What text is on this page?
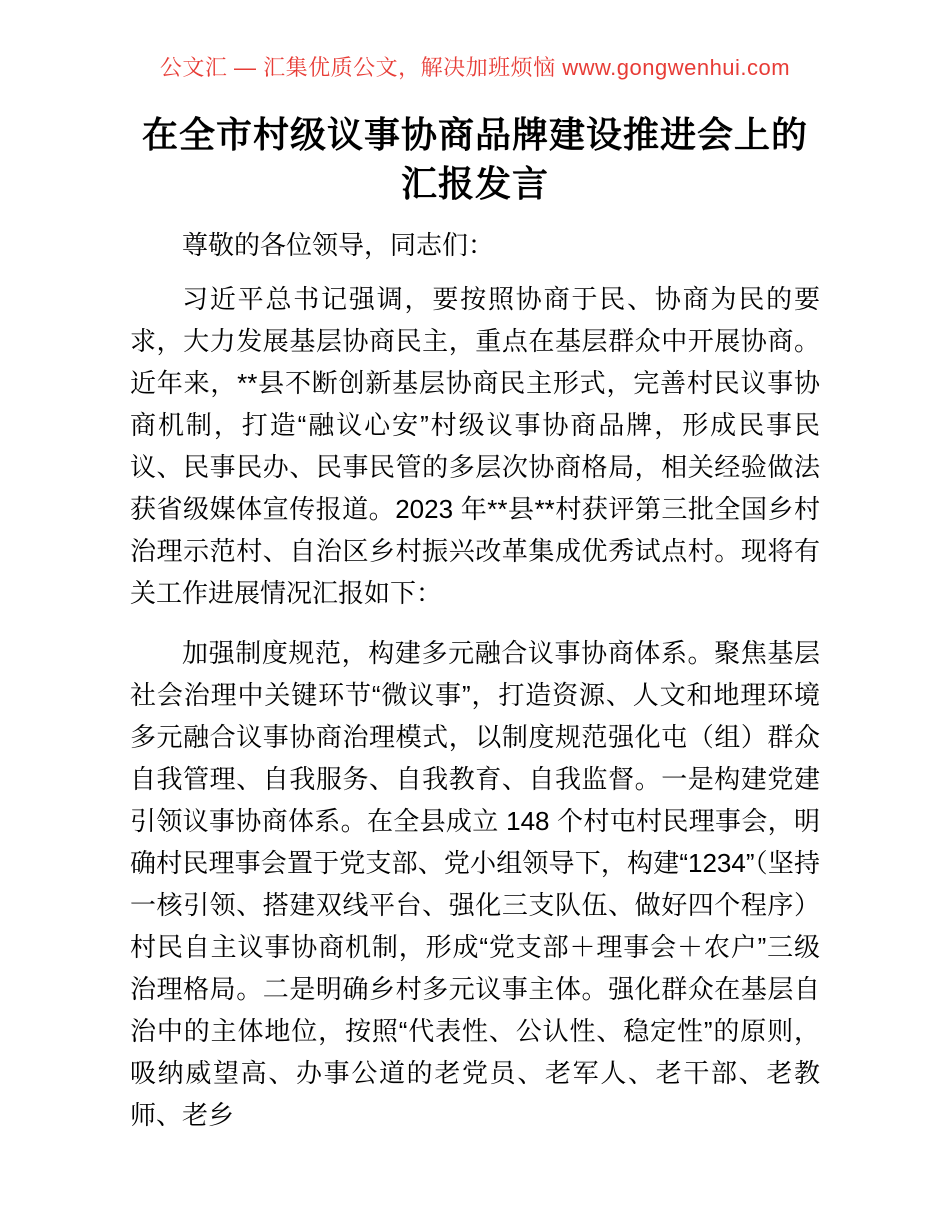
公文汇 — 汇集优质公文，解决加班烦恼 www.gongwenhui.com
在全市村级议事协商品牌建设推进会上的汇报发言

尊敬的各位领导，同志们：

习近平总书记强调，要按照协商于民、协商为民的要求，大力发展基层协商民主，重点在基层群众中开展协商。近年来，**县不断创新基层协商民主形式，完善村民议事协商机制，打造“融议心安”村级议事协商品牌，形成民事民议、民事民办、民事民管的多层次协商格局，相关经验做法获省级媒体宣传报道。2023 年**县**村获评第三批全国乡村治理示范村、自治区乡村振兴改革集成优秀试点村。现将有关工作进展情况汇报如下：

加强制度规范，构建多元融合议事协商体系。聚焦基层社会治理中关键环节“微议事”，打造资源、人文和地理环境多元融合议事协商治理模式，以制度规范强化屯（组）群众自我管理、自我服务、自我教育、自我监督。一是构建党建引领议事协商体系。在全县成立 148 个村屯村民理事会，明确村民理事会置于党支部、党小组领导下，构建“1234”（坚持一核引领、搭建双线平台、强化三支队伍、做好四个程序）村民自主议事协商机制，形成“党支部＋理事会＋农户”三级治理格局。二是明确乡村多元议事主体。强化群众在基层自治中的主体地位，按照“代表性、公认性、稳定性”的原则，吸纳威望高、办事公道的老党员、老军人、老干部、老教师、老乡
